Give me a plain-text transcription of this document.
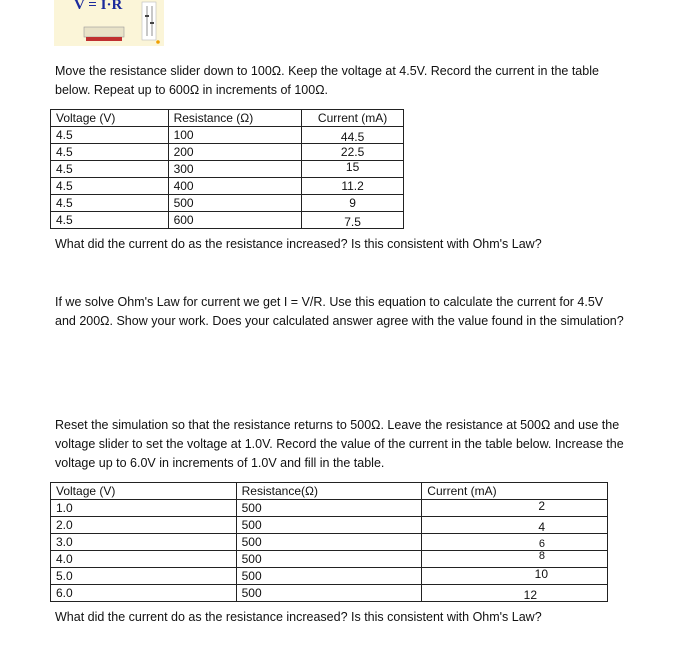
V = I·R

Move the resistance slider down to 100Ω. Keep the voltage at 4.5V. Record the current in the table below. Repeat up to 600Ω in increments of 100Ω.

Voltage (V)	Resistance (Ω)	Current (mA)
4.5	100	44.5
4.5	200	22.5
4.5	300	15
4.5	400	11.2
4.5	500	9
4.5	600	7.5

What did the current do as the resistance increased? Is this consistent with Ohm's Law?

If we solve Ohm's Law for current we get I = V/R. Use this equation to calculate the current for 4.5V and 200Ω. Show your work. Does your calculated answer agree with the value found in the simulation?

Reset the simulation so that the resistance returns to 500Ω. Leave the resistance at 500Ω and use the voltage slider to set the voltage at 1.0V. Record the value of the current in the table below. Increase the voltage up to 6.0V in increments of 1.0V and fill in the table.

Voltage (V)	Resistance(Ω)	Current (mA)
1.0	500	2
2.0	500	4
3.0	500	6
4.0	500	8
5.0	500	10
6.0	500	12

What did the current do as the resistance increased? Is this consistent with Ohm's Law?
